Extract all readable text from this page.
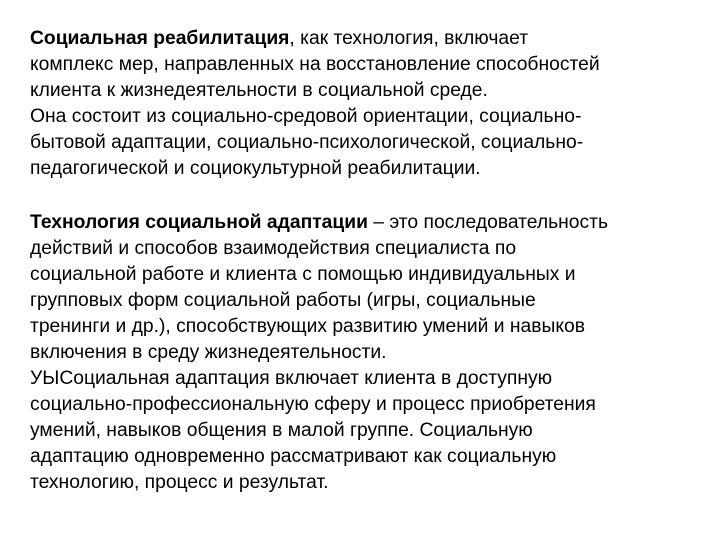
Социальная реабилитация, как технология, включает

комплекс мер, направленных на восстановление способностей

клиента к жизнедеятельности в социальной среде.

Она состоит из социально-средовой ориентации, социально-

бытовой адаптации, социально-психологической, социально-

педагогической и социокультурной реабилитации.

Технология социальной адаптации – это последовательность

действий и способов взаимодействия специалиста по

социальной работе и клиента с помощью индивидуальных и

групповых форм социальной работы (игры, социальные

тренинги и др.), способствующих развитию умений и навыков

включения в среду жизнедеятельности.

УЫСоциальная адаптация включает клиента в доступную

социально-профессиональную сферу и процесс приобретения

умений, навыков общения в малой группе. Социальную

адаптацию одновременно рассматривают как социальную

технологию, процесс и результат.
